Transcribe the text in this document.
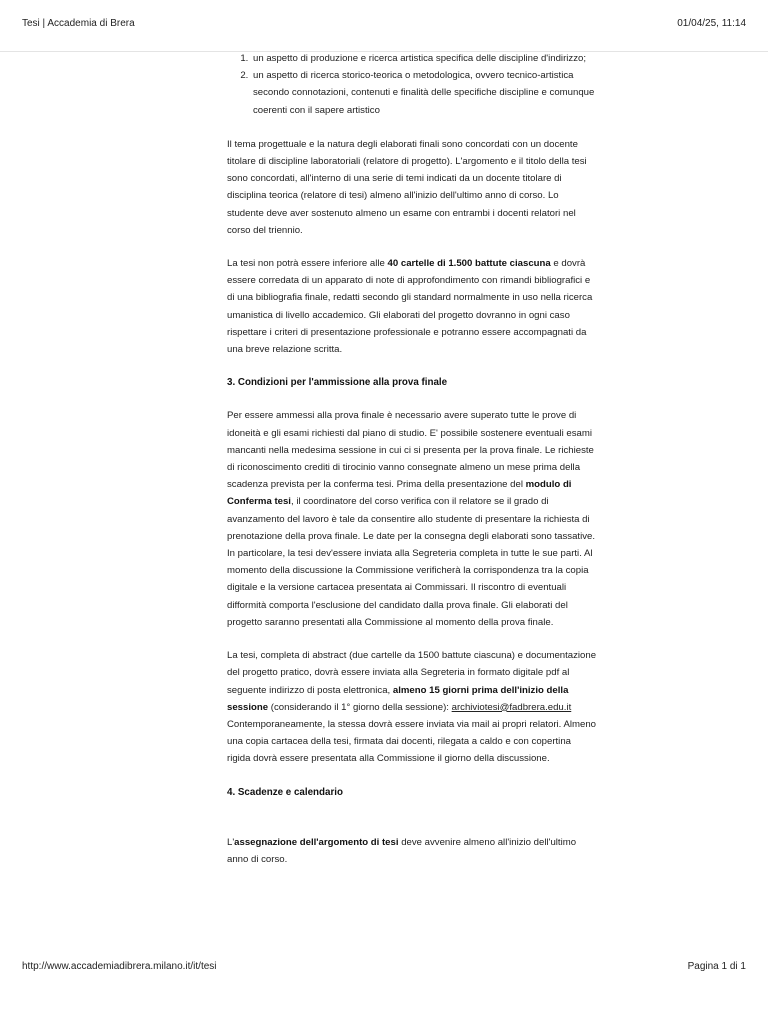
Tesi | Accademia di Brera	01/04/25, 11:14
1. un aspetto di produzione e ricerca artistica specifica delle discipline d'indirizzo;
2. un aspetto di ricerca storico-teorica o metodologica, ovvero tecnico-artistica secondo connotazioni, contenuti e finalità delle specifiche discipline e comunque coerenti con il sapere artistico

Il tema progettuale e la natura degli elaborati finali sono concordati con un docente titolare di discipline laboratoriali (relatore di progetto). L'argomento e il titolo della tesi sono concordati, all'interno di una serie di temi indicati da un docente titolare di disciplina teorica (relatore di tesi) almeno all'inizio dell'ultimo anno di corso. Lo studente deve aver sostenuto almeno un esame con entrambi i docenti relatori nel corso del triennio.

La tesi non potrà essere inferiore alle 40 cartelle di 1.500 battute ciascuna e dovrà essere corredata di un apparato di note di approfondimento con rimandi bibliografici e di una bibliografia finale, redatti secondo gli standard normalmente in uso nella ricerca umanistica di livello accademico. Gli elaborati del progetto dovranno in ogni caso rispettare i criteri di presentazione professionale e potranno essere accompagnati da una breve relazione scritta.

3. Condizioni per l'ammissione alla prova finale

Per essere ammessi alla prova finale è necessario avere superato tutte le prove di idoneità e gli esami richiesti dal piano di studio. E' possibile sostenere eventuali esami mancanti nella medesima sessione in cui ci si presenta per la prova finale. Le richieste di riconoscimento crediti di tirocinio vanno consegnate almeno un mese prima della scadenza prevista per la conferma tesi. Prima della presentazione del modulo di Conferma tesi, il coordinatore del corso verifica con il relatore se il grado di avanzamento del lavoro è tale da consentire allo studente di presentare la richiesta di prenotazione della prova finale. Le date per la consegna degli elaborati sono tassative. In particolare, la tesi dev'essere inviata alla Segreteria completa in tutte le sue parti. Al momento della discussione la Commissione verificherà la corrispondenza tra la copia digitale e la versione cartacea presentata ai Commissari. Il riscontro di eventuali difformità comporta l'esclusione del candidato dalla prova finale. Gli elaborati del progetto saranno presentati alla Commissione al momento della prova finale.

La tesi, completa di abstract (due cartelle da 1500 battute ciascuna) e documentazione del progetto pratico, dovrà essere inviata alla Segreteria in formato digitale pdf al seguente indirizzo di posta elettronica, almeno 15 giorni prima dell'inizio della sessione (considerando il 1° giorno della sessione): archiviotesi@fadbrera.edu.it Contemporaneamente, la stessa dovrà essere inviata via mail ai propri relatori. Almeno una copia cartacea della tesi, firmata dai docenti, rilegata a caldo e con copertina rigida dovrà essere presentata alla Commissione il giorno della discussione.

4. Scadenze e calendario

L'assegnazione dell'argomento di tesi deve avvenire almeno all'inizio dell'ultimo anno di corso.

http://www.accademiadibrera.milano.it/it/tesi	Pagina 1 di 1
